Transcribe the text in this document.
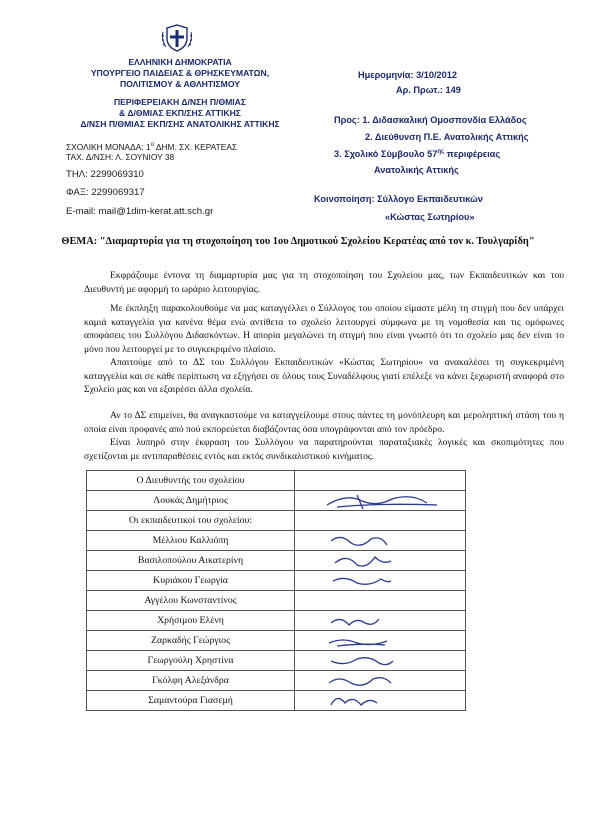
ΕΛΛΗΝΙΚΗ ΔΗΜΟΚΡΑΤΙΑ
ΥΠΟΥΡΓΕΙΟ ΠΑΙΔΕΙΑΣ & ΘΡΗΣΚΕΥΜΑΤΩΝ,
ΠΟΛΙΤΙΣΜΟΥ & ΑΘΛΗΤΙΣΜΟΥ
ΠΕΡΙΦΕΡΕΙΑΚΗ Δ/ΝΣΗ Π/ΘΜΙΑΣ
& Δ/ΘΜΙΑΣ ΕΚΠ/ΣΗΣ ΑΤΤΙΚΗΣ
Δ/ΝΣΗ Π/ΘΜΙΑΣ ΕΚΠ/ΣΗΣ ΑΝΑΤΟΛΙΚΗΣ ΑΤΤΙΚΗΣ
ΣΧΟΛΙΚΗ ΜΟΝΑΔΑ: $1^o$ ΔΗΜ. ΣΧ. ΚΕΡΑΤΕΑΣ
ΤΑΧ. Δ/ΝΣΗ: Λ. ΣΟΥΝΙΟΥ 38
ΤΗΛ: 2299069310
ΦΑΞ: 2299069317
E-mail: mail@1dim-kerat.att.sch.gr
Ημερομηνία: 3/10/2012
Αρ. Πρωτ.: 149
Προς: 1. Διδασκαλική Ομοσπονδία Ελλάδος
2. Διεύθυνση Π.Ε. Ανατολικής Αττικής
3. Σχολικό Σύμβουλο $57^{\eta\varsigma}$ περιφέρειας
Ανατολικής Αττικής
Κοινοποίηση: Σύλλογο Εκπαιδευτικών
«Κώστας Σωτηρίου»
ΘΕΜΑ: "Διαμαρτυρία για τη στοχοποίηση του 1ου Δημοτικού Σχολείου Κερατέας από τον κ. Τουλγαρίδη"

Εκφράζουμε έντονα τη διαμαρτυρία μας για τη στοχοποίηση του Σχολείου μας, των Εκπαιδευτικών και του Διευθυντή με αφορμή το ωράριο λειτουργίας.

Με έκπληξη παρακολουθούμε να μας καταγγέλλει ο Σύλλογος του οποίου είμαστε μέλη τη στιγμή που δεν υπάρχει καμιά καταγγελία για κανένα θέμα ενώ αντίθετα το σχολείο λειτουργεί σύμφωνα με τη νομοθεσία και τις ομόφωνες αποφάσεις του Συλλόγου Διδασκόντων. Η απορία μεγαλώνει τη στιγμή που είναι γνωστό ότι το σχολείο μας δεν είναι το μόνο που λειτουργεί με το συγκεκριμένο πλαίσιο.

Απαιτούμε από το ΔΣ του Συλλόγου Εκπαιδευτικών «Κώστας Σωτηρίου» να ανακαλέσει τη συγκεκριμένη καταγγελία και σε κάθε περίπτωση να εξηγήσει σε όλους τους Συναδέλφους γιατί επέλεξε να κάνει ξεχωριστή αναφορά στο Σχολείο μας και να εξαιρέσει άλλα σχολεία.

Αν το ΔΣ επιμείνει, θα αναγκαστούμε να καταγγείλουμε στους πάντες τη μονόπλευρη και μεροληπτική στάση του η οποία είναι προφανές από πού εκπορεύεται διαβάζοντας όσα υπογράφονται από τον πρόεδρο.

Είναι λυπηρό στην έκφραση του Συλλόγου να παρατηρούνται παραταξιακές λογικές και σκοπιμότητες που σχετίζονται με αντιπαραθέσεις εντός και εκτός συνδικαλιστικού κινήματος.

Ο Διευθυντής του σχολείου	
Λουκάς Δημήτριος	

Οι εκπαιδευτικοί του σχολείου:	
Μέλλιου Καλλιόπη	

Βασιλοπούλου Αικατερίνη	

Κυριάκου Γεωργία	

Αγγέλου Κωνσταντίνος	
Χρήσιμου Ελένη	

Ζαρκαδής Γεώργιος	

Γεωργούλη Χρηστίνα	

Γκόλφη Αλεξάνδρα	

Σαμαντούρα Γιασεμή	
